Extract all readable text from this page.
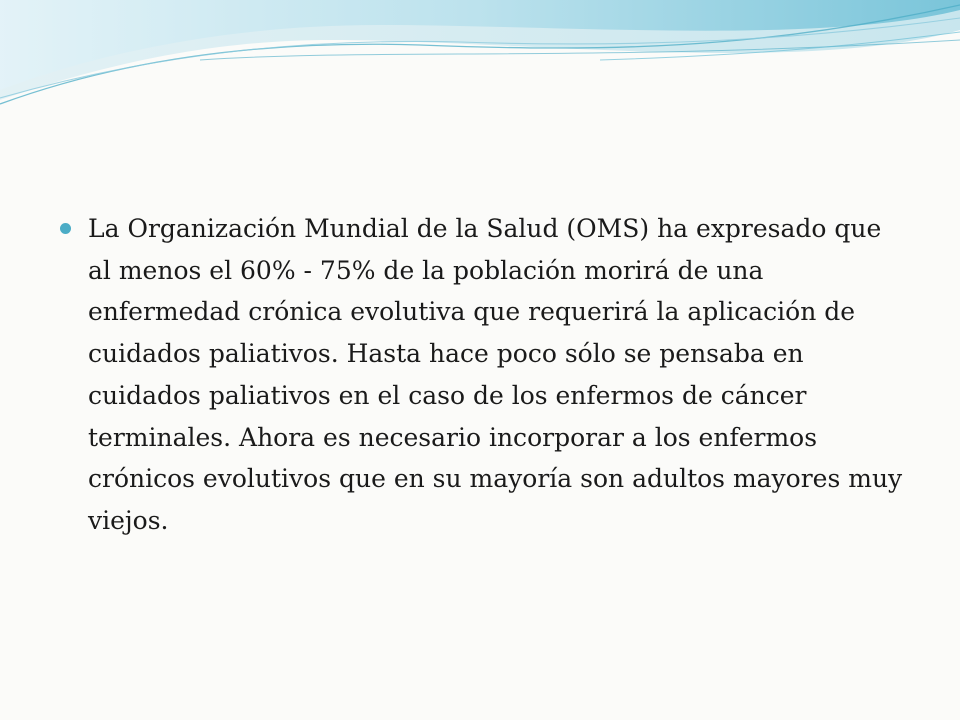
La Organización Mundial de la Salud (OMS) ha expresado que al menos el 60% - 75% de la población morirá de una enfermedad crónica evolutiva que requerirá la aplicación de cuidados paliativos. Hasta hace poco sólo se pensaba en cuidados paliativos en el caso de los enfermos de cáncer terminales. Ahora es necesario incorporar a los enfermos crónicos evolutivos que en su mayoría son adultos mayores muy viejos.
